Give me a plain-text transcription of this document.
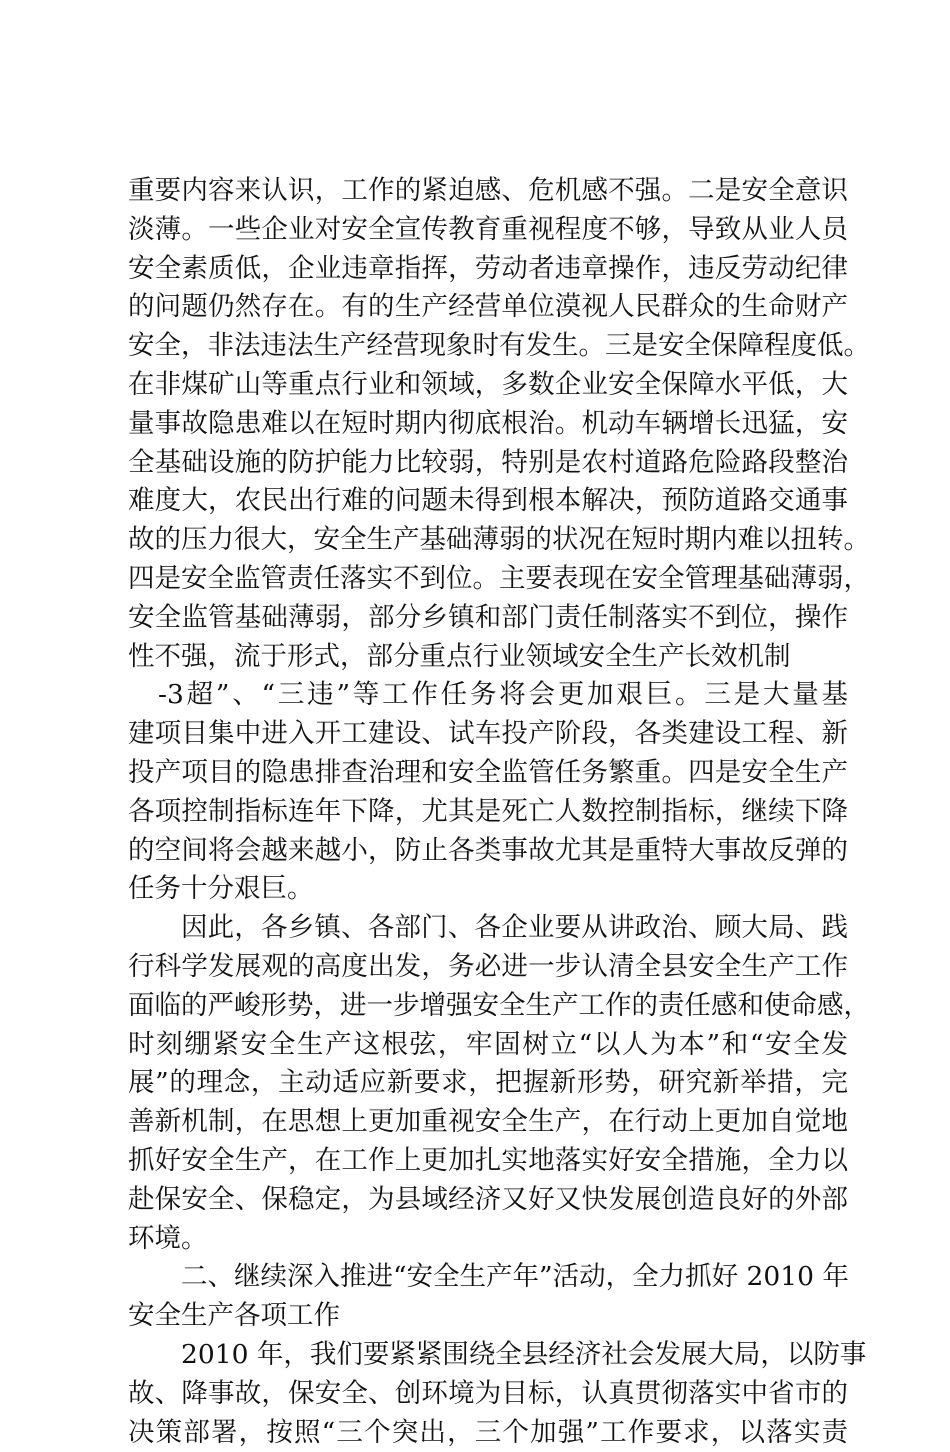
重要内容来认识，工作的紧迫感、危机感不强。二是安全意识
淡薄。一些企业对安全宣传教育重视程度不够，导致从业人员
安全素质低，企业违章指挥，劳动者违章操作，违反劳动纪律
的问题仍然存在。有的生产经营单位漠视人民群众的生命财产
安全，非法违法生产经营现象时有发生。三是安全保障程度低。
在非煤矿山等重点行业和领域，多数企业安全保障水平低，大
量事故隐患难以在短时期内彻底根治。机动车辆增长迅猛，安
全基础设施的防护能力比较弱，特别是农村道路危险路段整治
难度大，农民出行难的问题未得到根本解决，预防道路交通事
故的压力很大，安全生产基础薄弱的状况在短时期内难以扭转。
四是安全监管责任落实不到位。主要表现在安全管理基础薄弱，
安全监管基础薄弱，部分乡镇和部门责任制落实不到位，操作
性不强，流于形式，部分重点行业领域安全生产长效机制
-3超”、“三违”等工作任务将会更加艰巨。三是大量基
建项目集中进入开工建设、试车投产阶段，各类建设工程、新
投产项目的隐患排查治理和安全监管任务繁重。四是安全生产
各项控制指标连年下降，尤其是死亡人数控制指标，继续下降
的空间将会越来越小，防止各类事故尤其是重特大事故反弹的
任务十分艰巨。
因此，各乡镇、各部门、各企业要从讲政治、顾大局、践
行科学发展观的高度出发，务必进一步认清全县安全生产工作
面临的严峻形势，进一步增强安全生产工作的责任感和使命感，
时刻绷紧安全生产这根弦，牢固树立“以人为本”和“安全发
展”的理念，主动适应新要求，把握新形势，研究新举措，完
善新机制，在思想上更加重视安全生产，在行动上更加自觉地
抓好安全生产，在工作上更加扎实地落实好安全措施，全力以
赴保安全、保稳定，为县域经济又好又快发展创造良好的外部
环境。
二、继续深入推进“安全生产年”活动，全力抓好 2010 年
安全生产各项工作
2010 年，我们要紧紧围绕全县经济社会发展大局，以防事
故、降事故，保安全、创环境为目标，认真贯彻落实中省市的
决策部署，按照“三个突出，三个加强”工作要求，以落实责
